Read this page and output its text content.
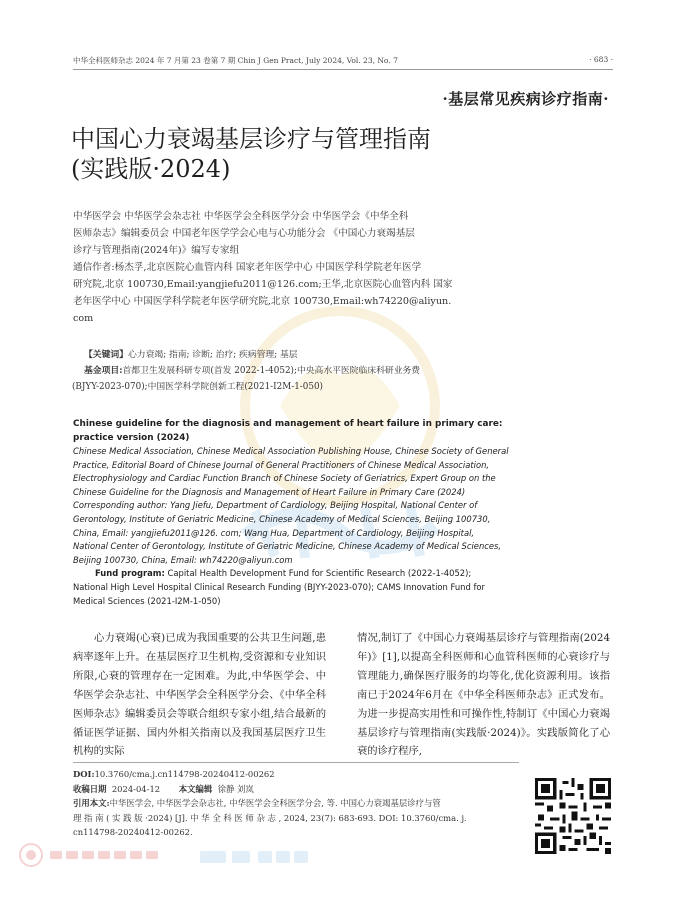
中华全科医师杂志 2024 年 7 月第 23 卷第 7 期 Chin J Gen Pract, July 2024, Vol. 23, No. 7	· 683 ·
·基层常见疾病诊疗指南·
中国心力衰竭基层诊疗与管理指南
(实践版·2024)

中华医学会 中华医学会杂志社 中华医学会全科医学分会 中华医学会《中华全科

医师杂志》编辑委员会 中国老年医学学会心电与心功能分会 《中国心力衰竭基层

诊疗与管理指南(2024年)》编写专家组

通信作者:杨杰孚,北京医院心血管内科 国家老年医学中心 中国医学科学院老年医学

研究院,北京 100730,Email:yangjiefu2011@126.com;王华,北京医院心血管内科 国家

老年医学中心 中国医学科学院老年医学研究院,北京 100730,Email:wh74220@aliyun.

com

【关键词】心力衰竭; 指南; 诊断; 治疗; 疾病管理; 基层

基金项目:首都卫生发展科研专项(首发 2022-1-4052);中央高水平医院临床科研业务费

(BJYY-2023-070);中国医学科学院创新工程(2021-I2M-1-050)

Chinese guideline for the diagnosis and management of heart failure in primary care:

practice version (2024)

Chinese Medical Association, Chinese Medical Association Publishing House, Chinese Society of General

Practice, Editorial Board of Chinese Journal of General Practitioners of Chinese Medical Association,

Electrophysiology and Cardiac Function Branch of Chinese Society of Geriatrics, Expert Group on the

Chinese Guideline for the Diagnosis and Management of Heart Failure in Primary Care (2024)

Corresponding author: Yang Jiefu, Department of Cardiology, Beijing Hospital, National Center of

Gerontology, Institute of Geriatric Medicine, Chinese Academy of Medical Sciences, Beijing 100730,

China, Email: yangjiefu2011@126. com; Wang Hua, Department of Cardiology, Beijing Hospital,

National Center of Gerontology, Institute of Geriatric Medicine, Chinese Academy of Medical Sciences,

Beijing 100730, China, Email: wh74220@aliyun.com

Fund program: Capital Health Development Fund for Scientific Research (2022-1-4052);

National High Level Hospital Clinical Research Funding (BJYY-2023-070); CAMS Innovation Fund for

Medical Sciences (2021-I2M-1-050)

心力衰竭(心衰)已成为我国重要的公共卫生问题,患病率逐年上升。在基层医疗卫生机构,受资源和专业知识所限,心衰的管理存在一定困难。为此,中华医学会、中华医学会杂志社、中华医学会全科医学分会、《中华全科医师杂志》编辑委员会等联合组织专家小组,结合最新的循证医学证据、国内外相关指南以及我国基层医疗卫生机构的实际

情况,制订了《中国心力衰竭基层诊疗与管理指南(2024年)》[1],以提高全科医师和心血管科医师的心衰诊疗与管理能力,确保医疗服务的均等化,优化资源利用。该指南已于2024年6月在《中华全科医师杂志》正式发布。为进一步提高实用性和可操作性,特制订《中国心力衰竭基层诊疗与管理指南(实践版·2024)》。实践版简化了心衰的诊疗程序,

DOI:10.3760/cma.j.cn114798-20240412-00262

收稿日期 2024-04-12 本文编辑 徐静 刘岚

引用本文:中华医学会, 中华医学会杂志社, 中华医学会全科医学分会, 等. 中国心力衰竭基层诊疗与管

理 指 南 ( 实 践 版 ·2024) [J]. 中 华 全 科 医 师 杂 志 , 2024, 23(7): 683-693. DOI: 10.3760/cma. j.

cn114798-20240412-00262.
